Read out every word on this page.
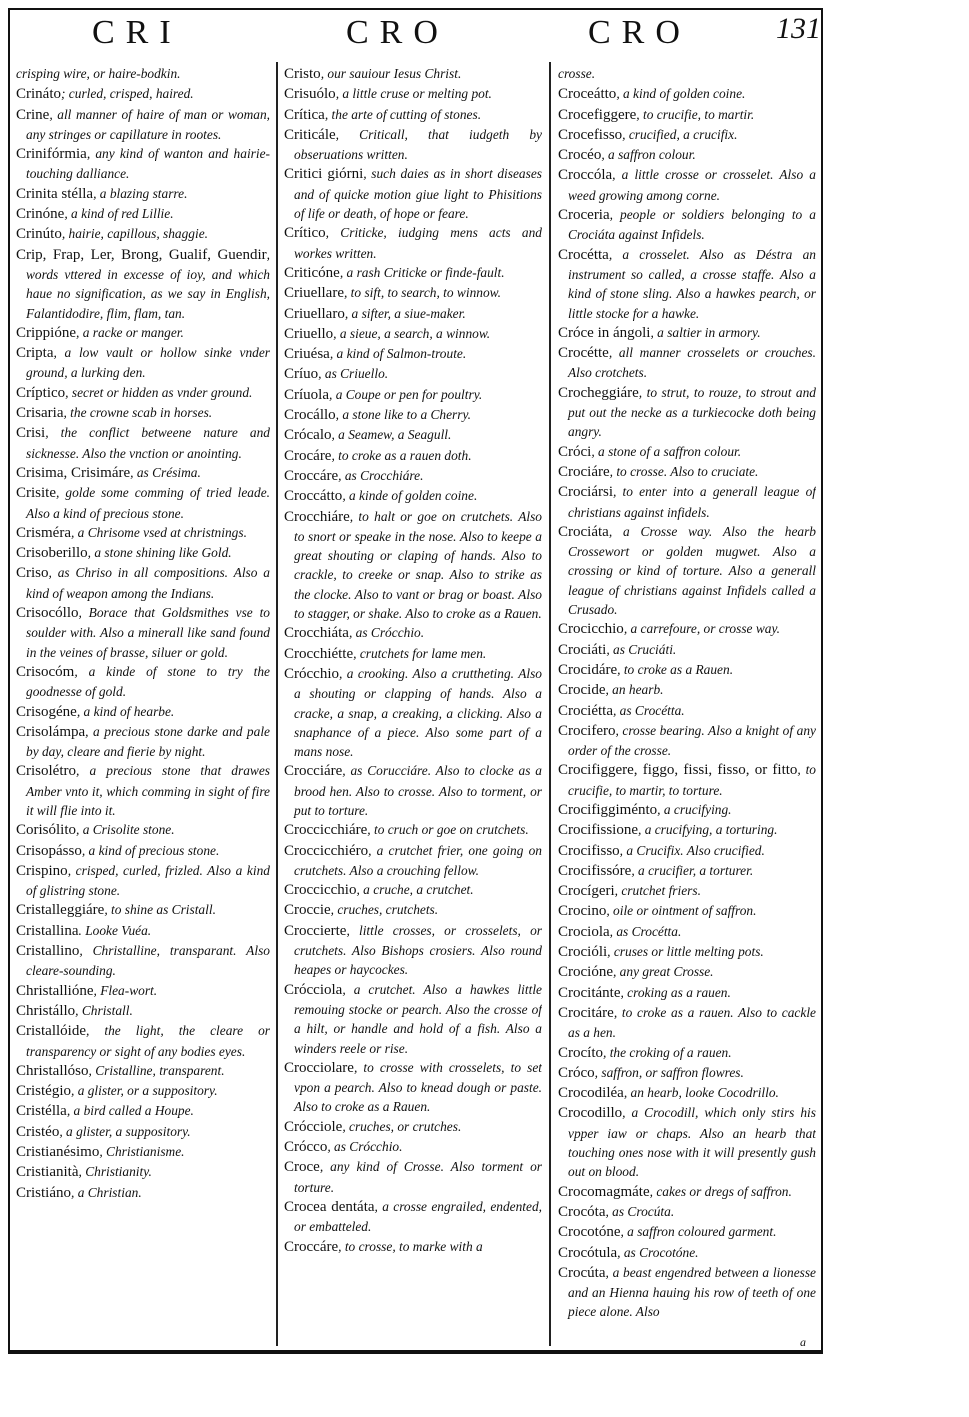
CRI	CRO	CRO	131

crisping wire, or haire-bodkin.

Crináto; curled, crisped, haired.

Crine, all manner of haire of man or woman, any stringes or capillature in rootes.

Crinifórmia, any kind of wanton and hairie-touching dalliance.

Crinita stélla, a blazing starre.

Crinóne, a kind of red Lillie.

Crinúto, hairie, capillous, shaggie.

Crip, Frap, Ler, Brong, Gualif, Guendir, words vttered in excesse of ioy, and which haue no signification, as we say in English, Falantidodire, flim, flam, tan.

Crippióne, a racke or manger.

Cripta, a low vault or hollow sinke vnder ground, a lurking den.

Críptico, secret or hidden as vnder ground.

Crisaria, the crowne scab in horses.

Crisi, the conflict betweene nature and sicknesse. Also the vnction or anointing.

Crisima, Crisimáre, as Crésima.

Crisite, golde some comming of tried leade. Also a kind of precious stone.

Crisméra, a Chrisome vsed at christnings.

Crisoberillo, a stone shining like Gold.

Criso, as Chriso in all compositions. Also a kind of weapon among the Indians.

Crisocóllo, Borace that Goldsmithes vse to soulder with. Also a minerall like sand found in the veines of brasse, siluer or gold.

Crisocóm, a kinde of stone to try the goodnesse of gold.

Crisogéne, a kind of hearbe.

Crisolámpa, a precious stone darke and pale by day, cleare and fierie by night.

Crisolétro, a precious stone that drawes Amber vnto it, which comming in sight of fire it will flie into it.

Corisólito, a Crisolite stone.

Crisopásso, a kind of precious stone.

Crispino, crisped, curled, frizled. Also a kind of glistring stone.

Cristalleggiáre, to shine as Cristall.

Cristallina. Looke Vuéa.

Cristallino, Christalline, transparant. Also cleare-sounding.

Christallióne, Flea-wort.

Christállo, Christall.

Cristallóide, the light, the cleare or transparency or sight of any bodies eyes.

Christallóso, Cristalline, transparent.

Cristégio, a glister, or a suppository.

Cristélla, a bird called a Houpe.

Cristéo, a glister, a suppository.

Cristianésimo, Christianisme.

Cristianità, Christianity.

Cristiáno, a Christian.

Cristo, our sauiour Iesus Christ.

Crisuólo, a little cruse or melting pot.

Crítica, the arte of cutting of stones.

Criticále, Criticall, that iudgeth by obseruations written.

Critici giórni, such daies as in short diseases and of quicke motion giue light to Phisitions of life or death, of hope or feare.

Crítico, Criticke, iudging mens acts and workes written.

Criticóne, a rash Criticke or finde-fault.

Criuellare, to sift, to search, to winnow.

Criuellaro, a sifter, a siue-maker.

Criuello, a sieue, a search, a winnow.

Criuésa, a kind of Salmon-troute.

Críuo, as Criuello.

Críuola, a Coupe or pen for poultry.

Crocállo, a stone like to a Cherry.

Crócalo, a Seamew, a Seagull.

Crocáre, to croke as a rauen doth.

Croccáre, as Crocchiáre.

Croccátto, a kinde of golden coine.

Crocchiáre, to halt or goe on crutchets. Also to snort or speake in the nose. Also to keepe a great shouting or claping of hands. Also to crackle, to creeke or snap. Also to strike as the clocke. Also to vant or brag or boast. Also to stagger, or shake. Also to croke as a Rauen.

Crocchiáta, as Crócchio.

Crocchiétte, crutchets for lame men.

Crócchio, a crooking. Also a cruttheting. Also a shouting or clapping of hands. Also a cracke, a snap, a creaking, a clicking. Also a snaphance of a piece. Also some part of a mans nose.

Crocciáre, as Corucciáre. Also to clocke as a brood hen. Also to crosse. Also to torment, or put to torture.

Croccicchiáre, to cruch or goe on crutchets.

Croccicchiéro, a crutchet frier, one going on crutchets. Also a crouching fellow.

Croccicchio, a cruche, a crutchet.

Croccie, cruches, crutchets.

Croccierte, little crosses, or crosselets, or crutchets. Also Bishops crosiers. Also round heapes or haycockes.

Crócciola, a crutchet. Also a hawkes little remouing stocke or pearch. Also the crosse of a hilt, or handle and hold of a fish. Also a winders reele or rise.

Crocciolare, to crosse with crosselets, to set vpon a pearch. Also to knead dough or paste. Also to croke as a Rauen.

Crócciole, cruches, or crutches.

Crócco, as Crócchio.

Croce, any kind of Crosse. Also torment or torture.

Crocea dentáta, a crosse engrailed, endented, or embatteled.

Croccáre, to crosse, to marke with a

crosse.

Croceátto, a kind of golden coine.

Crocefiggere, to crucifie, to martir.

Crocefisso, crucified, a crucifix.

Crocéo, a saffron colour.

Croccóla, a little crosse or crosselet. Also a weed growing among corne.

Croceria, people or soldiers belonging to a Crociáta against Infidels.

Crocétta, a crosselet. Also as Déstra an instrument so called, a crosse staffe. Also a kind of stone sling. Also a hawkes pearch, or little stocke for a hawke.

Cróce in ángoli, a saltier in armory.

Crocétte, all manner crosselets or crouches. Also crotchets.

Crocheggiáre, to strut, to rouze, to strout and put out the necke as a turkiecocke doth being angry.

Cróci, a stone of a saffron colour.

Crociáre, to crosse. Also to cruciate.

Crociársi, to enter into a generall league of christians against infidels.

Crociáta, a Crosse way. Also the hearb Crossewort or golden mugwet. Also a crossing or kind of torture. Also a generall league of christians against Infidels called a Crusado.

Crocicchio, a carrefoure, or crosse way.

Crociáti, as Cruciáti.

Crocidáre, to croke as a Rauen.

Crocide, an hearb.

Crociétta, as Crocétta.

Crocifero, crosse bearing. Also a knight of any order of the crosse.

Crocifiggere, figgo, fissi, fisso, or fitto, to crucifie, to martir, to torture.

Crocifiggiménto, a crucifying.

Crocifissione, a crucifying, a torturing.

Crocifisso, a Crucifix. Also crucified.

Crocifissóre, a crucifier, a torturer.

Crocígeri, crutchet friers.

Crocino, oile or ointment of saffron.

Crociola, as Crocétta.

Crocióli, cruses or little melting pots.

Crocióne, any great Crosse.

Crocitánte, croking as a rauen.

Crocitáre, to croke as a rauen. Also to cackle as a hen.

Crocíto, the croking of a rauen.

Cróco, saffron, or saffron flowres.

Crocodiléa, an hearb, looke Cocodrillo.

Crocodillo, a Crocodill, which only stirs his vpper iaw or chaps. Also an hearb that touching ones nose with it will presently gush out on blood.

Crocomagmáte, cakes or dregs of saffron.

Crocóta, as Crocúta.

Crocotóne, a saffron coloured garment.

Crocótula, as Crocotóne.

Crocúta, a beast engendred between a lionesse and an Hienna hauing his row of teeth of one piece alone. Also

a
